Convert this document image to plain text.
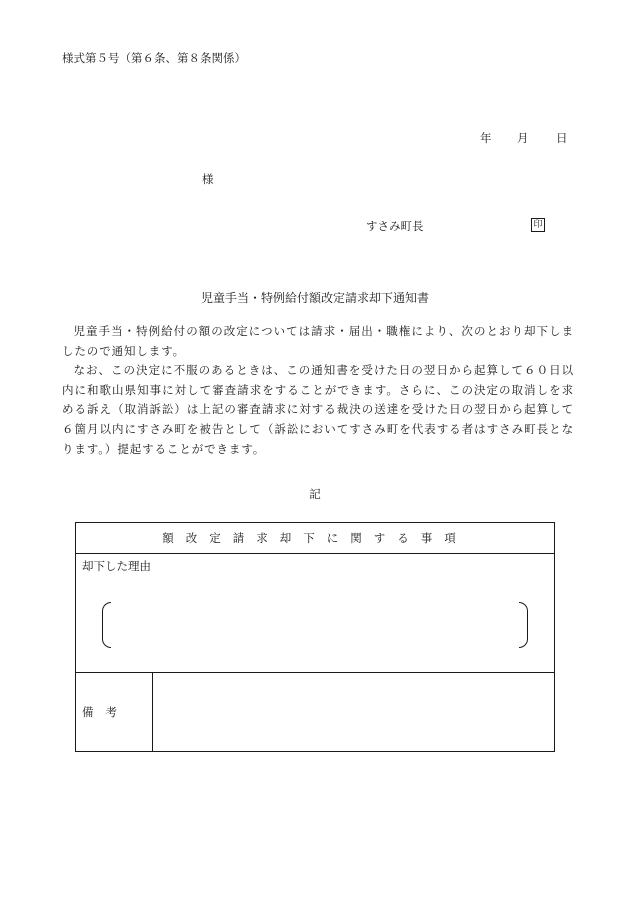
様式第５号（第６条、第８条関係）
年 月 日
様
すさみ町長	印
児童手当・特例給付額改定請求却下通知書

児童手当・特例給付の額の改定については請求・届出・職権により、次のとおり却下しましたので通知します。

なお、この決定に不服のあるときは、この通知書を受けた日の翌日から起算して６０日以内に和歌山県知事に対して審査請求をすることができます。さらに、この決定の取消しを求める訴え（取消訴訟）は上記の審査請求に対する裁決の送達を受けた日の翌日から起算して６箇月以内にすさみ町を被告として（訴訟においてすさみ町を代表する者はすさみ町長となります。）提起することができます。

記
額改定請求却下に関する事項

却下した理由

備考	
